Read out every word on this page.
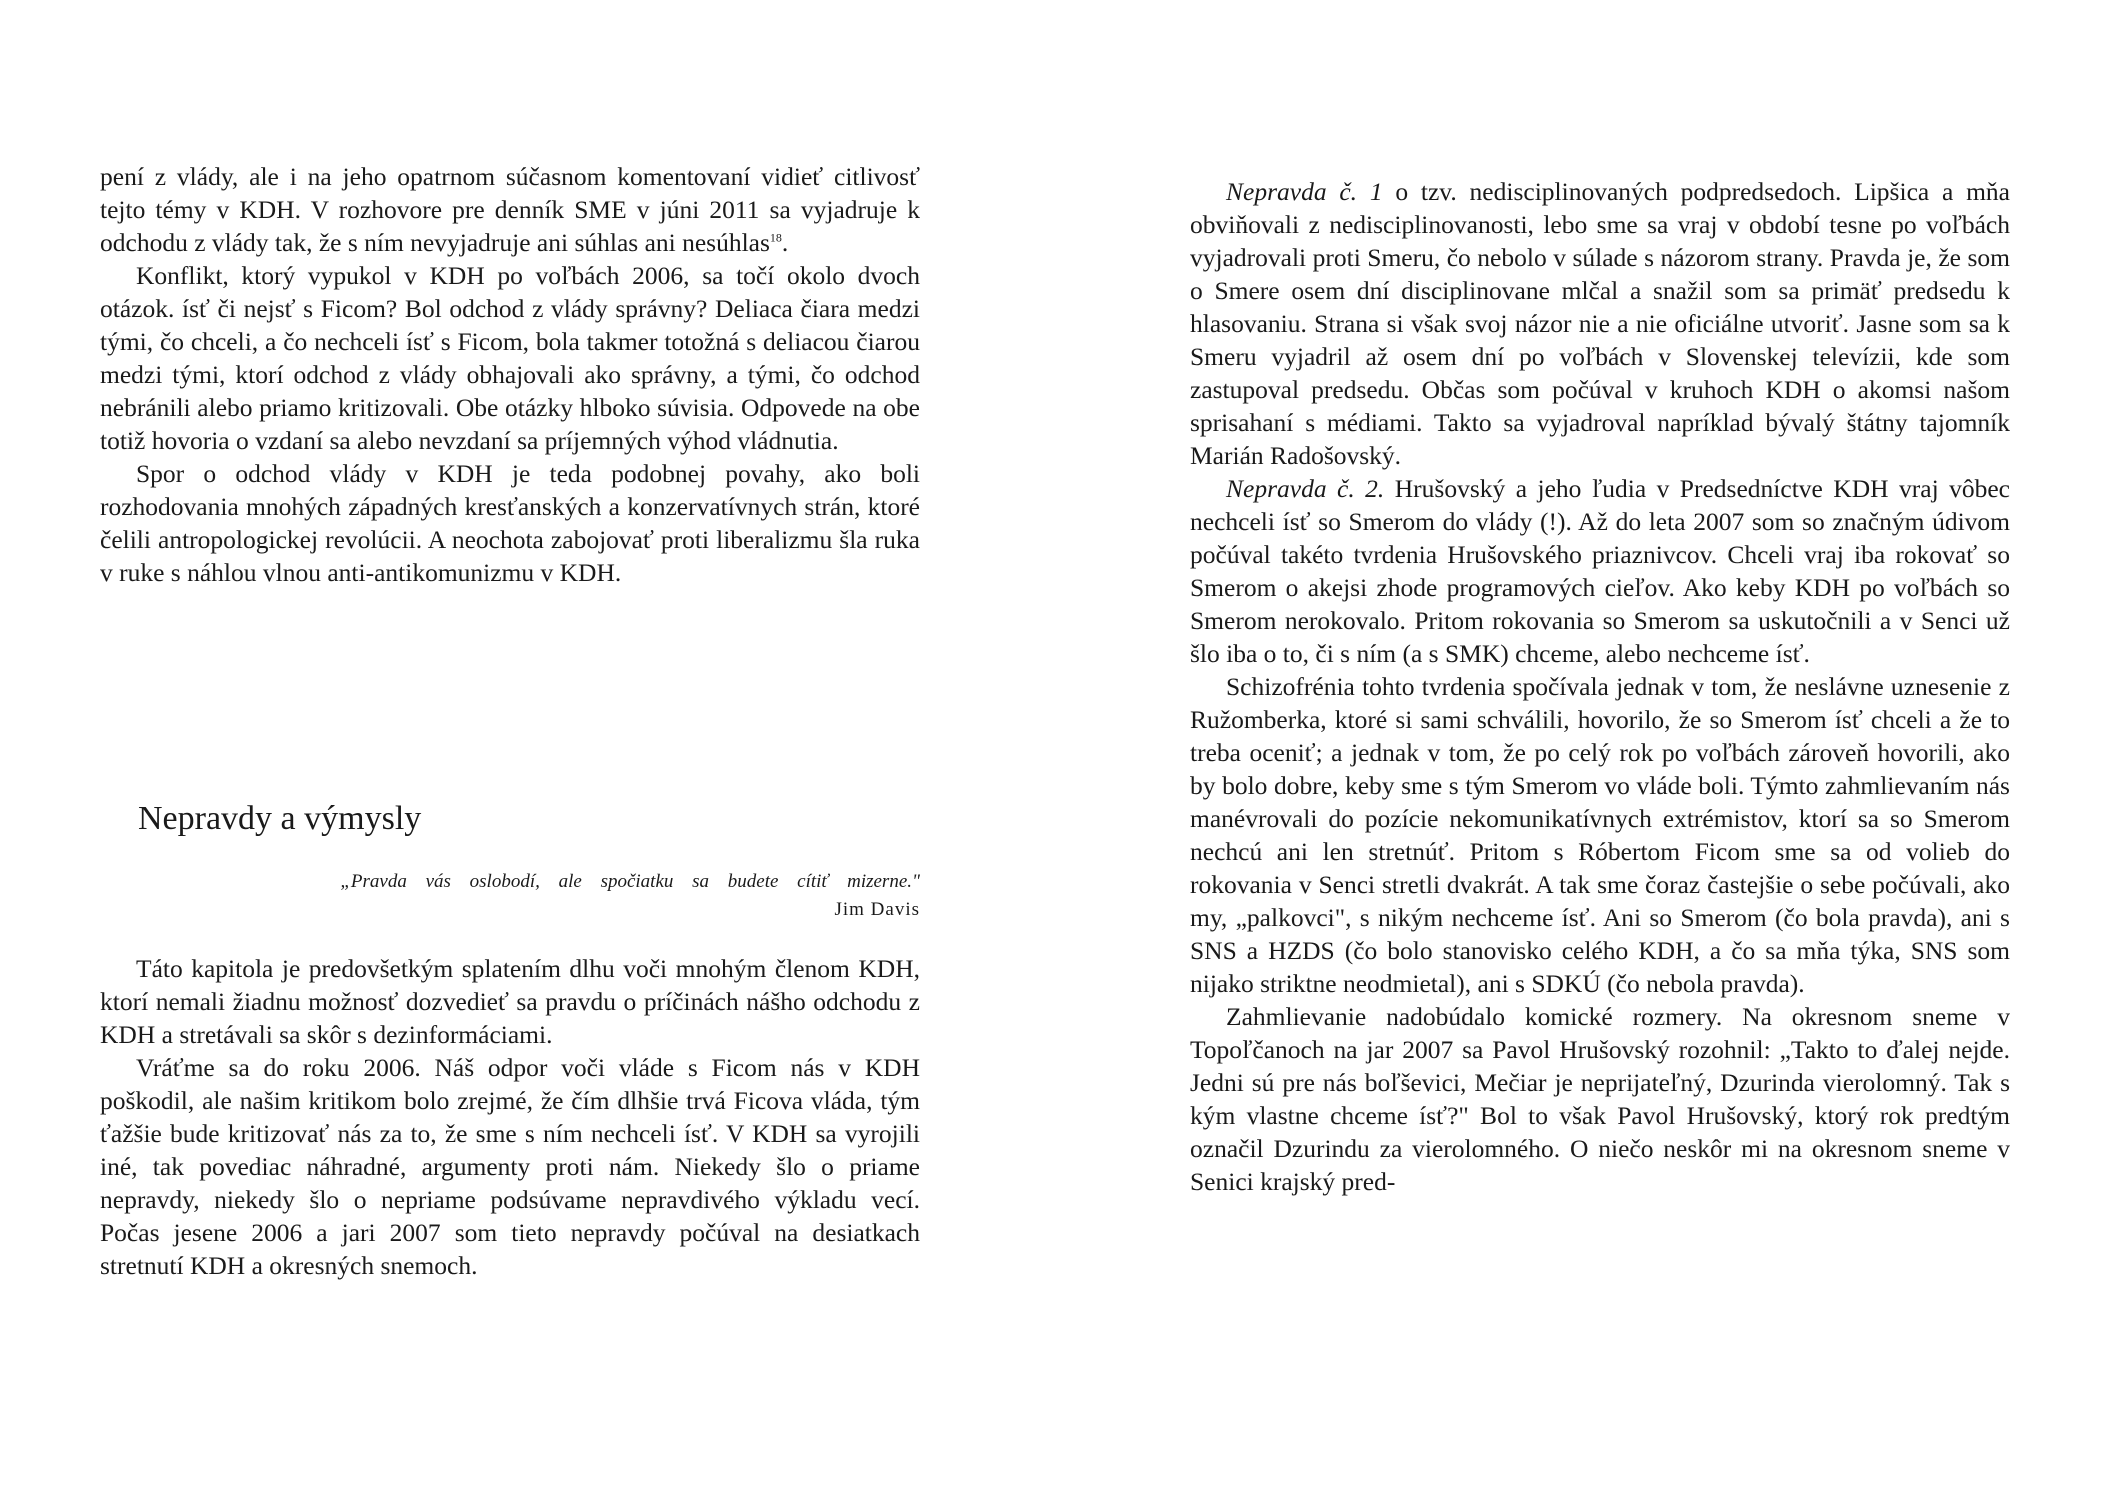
pení z vlády, ale i na jeho opatrnom súčasnom komentovaní vidieť citlivosť tejto témy v KDH. V rozhovore pre denník SME v júni 2011 sa vyjadruje k odchodu z vlády tak, že s ním nevyjadruje ani súhlas ani nesúhlas$^{18}$.

Konflikt, ktorý vypukol v KDH po voľbách 2006, sa točí okolo dvoch otázok. ísť či nejsť s Ficom? Bol odchod z vlády správny? Deliaca čiara medzi tými, čo chceli, a čo nechceli ísť s Ficom, bola takmer totožná s deliacou čiarou medzi tými, ktorí odchod z vlády obhajovali ako správny, a tými, čo odchod nebránili alebo priamo kritizovali. Obe otázky hlboko súvisia. Odpovede na obe totiž hovoria o vzdaní sa alebo nevzdaní sa príjemných výhod vládnutia.

Spor o odchod vlády v KDH je teda podobnej povahy, ako boli rozhodovania mnohých západných kresťanských a konzervatívnych strán, ktoré čelili antropologickej revolúcii. A neochota zabojovať proti liberalizmu šla ruka v ruke s náhlou vlnou anti-antikomunizmu v KDH.

Nepravdy a výmysly
„Pravda vás oslobodí, ale spočiatku sa budete cítiť mizerne."
Jim Davis

Táto kapitola je predovšetkým splatením dlhu voči mnohým členom KDH, ktorí nemali žiadnu možnosť dozvedieť sa pravdu o príčinách nášho odchodu z KDH a stretávali sa skôr s dezinformáciami.

Vráťme sa do roku 2006. Náš odpor voči vláde s Ficom nás v KDH poškodil, ale našim kritikom bolo zrejmé, že čím dlhšie trvá Ficova vláda, tým ťažšie bude kritizovať nás za to, že sme s ním nechceli ísť. V KDH sa vyrojili iné, tak povediac náhradné, argumenty proti nám. Niekedy šlo o priame nepravdy, niekedy šlo o nepriame podsúvame nepravdivého výkladu vecí. Počas jesene 2006 a jari 2007 som tieto nepravdy počúval na desiatkach stretnutí KDH a okresných snemoch.

Nepravda č. 1 o tzv. nedisciplinovaných podpredsedoch. Lipšica a mňa obviňovali z nedisciplinovanosti, lebo sme sa vraj v období tesne po voľbách vyjadrovali proti Smeru, čo nebolo v súlade s názorom strany. Pravda je, že som o Smere osem dní disciplinovane mlčal a snažil som sa primäť predsedu k hlasovaniu. Strana si však svoj názor nie a nie oficiálne utvoriť. Jasne som sa k Smeru vyjadril až osem dní po voľbách v Slovenskej televízii, kde som zastupoval predsedu. Občas som počúval v kruhoch KDH o akomsi našom sprisahaní s médiami. Takto sa vyjadroval napríklad bývalý štátny tajomník Marián Radošovský.

Nepravda č. 2. Hrušovský a jeho ľudia v Predsedníctve KDH vraj vôbec nechceli ísť so Smerom do vlády (!). Až do leta 2007 som so značným údivom počúval takéto tvrdenia Hrušovského priaznivcov. Chceli vraj iba rokovať so Smerom o akejsi zhode programových cieľov. Ako keby KDH po voľbách so Smerom nerokovalo. Pritom rokovania so Smerom sa uskutočnili a v Senci už šlo iba o to, či s ním (a s SMK) chceme, alebo nechceme ísť.

Schizofrénia tohto tvrdenia spočívala jednak v tom, že neslávne uznesenie z Ružomberka, ktoré si sami schválili, hovorilo, že so Smerom ísť chceli a že to treba oceniť; a jednak v tom, že po celý rok po voľbách zároveň hovorili, ako by bolo dobre, keby sme s tým Smerom vo vláde boli. Týmto zahmlievaním nás manévrovali do pozície nekomunikatívnych extrémistov, ktorí sa so Smerom nechcú ani len stretnúť. Pritom s Róbertom Ficom sme sa od volieb do rokovania v Senci stretli dvakrát. A tak sme čoraz častejšie o sebe počúvali, ako my, „palkovci", s nikým nechceme ísť. Ani so Smerom (čo bola pravda), ani s SNS a HZDS (čo bolo stanovisko celého KDH, a čo sa mňa týka, SNS som nijako striktne neodmietal), ani s SDKÚ (čo nebola pravda).

Zahmlievanie nadobúdalo komické rozmery. Na okresnom sneme v Topoľčanoch na jar 2007 sa Pavol Hrušovský rozohnil: „Takto to ďalej nejde. Jedni sú pre nás boľševici, Mečiar je neprijateľný, Dzurinda vierolomný. Tak s kým vlastne chceme ísť?" Bol to však Pavol Hrušovský, ktorý rok predtým označil Dzurindu za vierolomného. O niečo neskôr mi na okresnom sneme v Senici krajský pred-
